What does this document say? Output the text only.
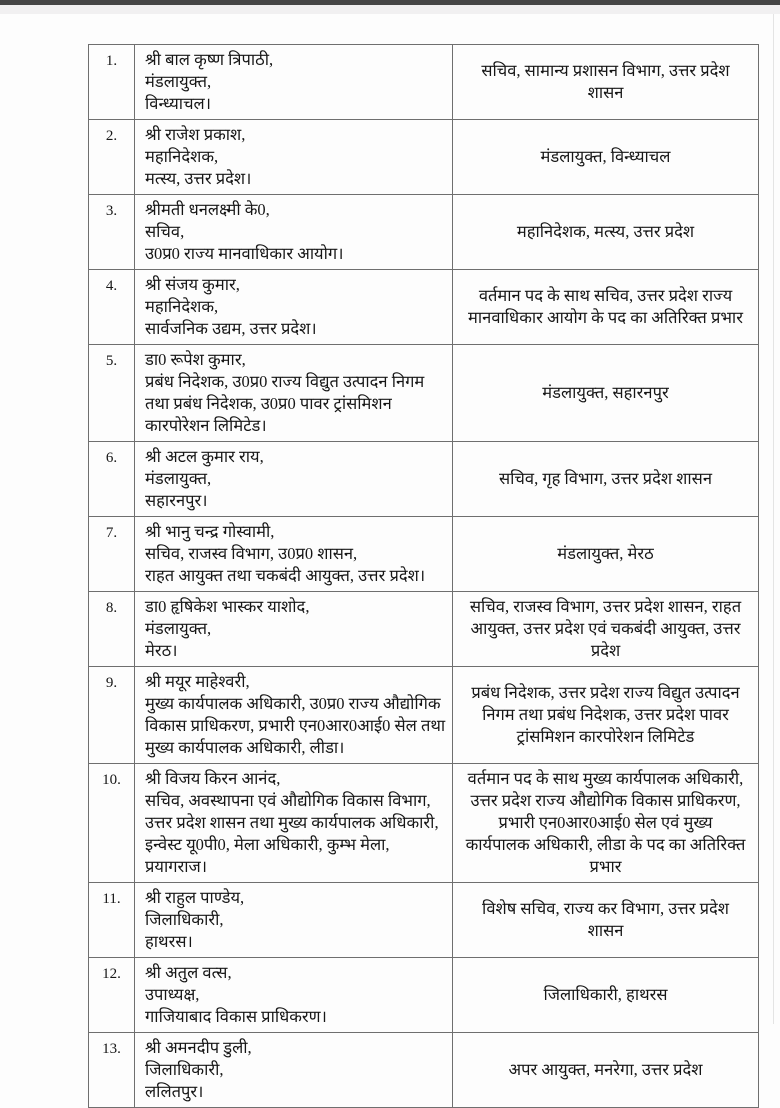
1.	श्री बाल कृष्ण त्रिपाठी,
मंडलायुक्त,
विन्ध्याचल।	सचिव, सामान्य प्रशासन विभाग, उत्तर प्रदेश शासन
2.	श्री राजेश प्रकाश,
महानिदेशक,
मत्स्य, उत्तर प्रदेश।	मंडलायुक्त, विन्ध्याचल
3.	श्रीमती धनलक्ष्मी के0,
सचिव,
उ0प्र0 राज्य मानवाधिकार आयोग।	महानिदेशक, मत्स्य, उत्तर प्रदेश
4.	श्री संजय कुमार,
महानिदेशक,
सार्वजनिक उद्यम, उत्तर प्रदेश।	वर्तमान पद के साथ सचिव, उत्तर प्रदेश राज्य मानवाधिकार आयोग के पद का अतिरिक्त प्रभार
5.	डा0 रूपेश कुमार,
प्रबंध निदेशक, उ0प्र0 राज्य विद्युत उत्पादन निगम तथा प्रबंध निदेशक, उ0प्र0 पावर ट्रांसमिशन कारपोरेशन लिमिटेड।	मंडलायुक्त, सहारनपुर
6.	श्री अटल कुमार राय,
मंडलायुक्त,
सहारनपुर।	सचिव, गृह विभाग, उत्तर प्रदेश शासन
7.	श्री भानु चन्द्र गोस्वामी,
सचिव, राजस्व विभाग, उ0प्र0 शासन,
राहत आयुक्त तथा चकबंदी आयुक्त, उत्तर प्रदेश।	मंडलायुक्त, मेरठ
8.	डा0 हृषिकेश भास्कर याशोद,
मंडलायुक्त,
मेरठ।	सचिव, राजस्व विभाग, उत्तर प्रदेश शासन, राहत आयुक्त, उत्तर प्रदेश एवं चकबंदी आयुक्त, उत्तर प्रदेश
9.	श्री मयूर माहेश्वरी,
मुख्य कार्यपालक अधिकारी, उ0प्र0 राज्य औद्योगिक विकास प्राधिकरण, प्रभारी एन0आर0आई0 सेल तथा मुख्य कार्यपालक अधिकारी, लीडा।	प्रबंध निदेशक, उत्तर प्रदेश राज्य विद्युत उत्पादन निगम तथा प्रबंध निदेशक, उत्तर प्रदेश पावर ट्रांसमिशन कारपोरेशन लिमिटेड
10.	श्री विजय किरन आनंद,
सचिव, अवस्थापना एवं औद्योगिक विकास विभाग,
उत्तर प्रदेश शासन तथा मुख्य कार्यपालक अधिकारी, इन्वेस्ट यू0पी0, मेला अधिकारी, कुम्भ मेला, प्रयागराज।	वर्तमान पद के साथ मुख्य कार्यपालक अधिकारी, उत्तर प्रदेश राज्य औद्योगिक विकास प्राधिकरण, प्रभारी एन0आर0आई0 सेल एवं मुख्य कार्यपालक अधिकारी, लीडा के पद का अतिरिक्त प्रभार
11.	श्री राहुल पाण्डेय,
जिलाधिकारी,
हाथरस।	विशेष सचिव, राज्य कर विभाग, उत्तर प्रदेश शासन
12.	श्री अतुल वत्स,
उपाध्यक्ष,
गाजियाबाद विकास प्राधिकरण।	जिलाधिकारी, हाथरस
13.	श्री अमनदीप डुली,
जिलाधिकारी,
ललितपुर।	अपर आयुक्त, मनरेगा, उत्तर प्रदेश
